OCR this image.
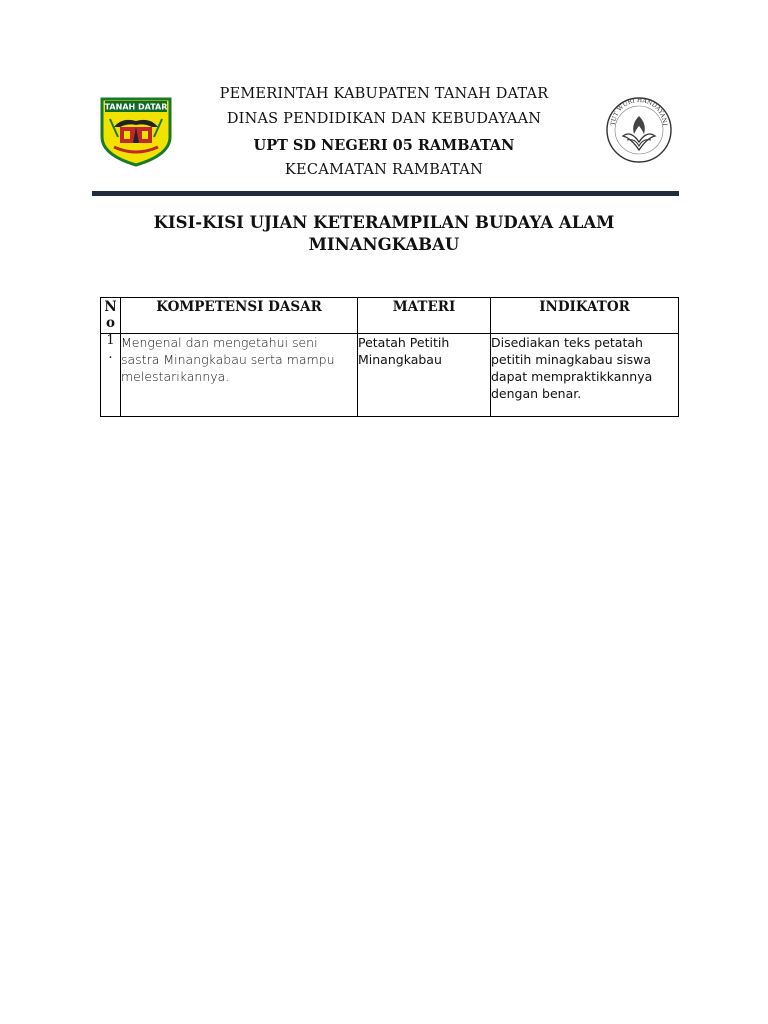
TANAH DATAR
TUT WURI HANDAYANI
PEMERINTAH KABUPATEN TANAH DATAR
DINAS PENDIDIKAN DAN KEBUDAYAAN
UPT SD NEGERI 05 RAMBATAN
KECAMATAN RAMBATAN
KISI-KISI UJIAN KETERAMPILAN BUDAYA ALAM
MINANGKABAU
N
o	KOMPETENSI DASAR	MATERI	INDIKATOR

1
.	Mengenal dan mengetahui seni sastra Minangkabau serta mampu melestarikannya.	Petatah Petitih Minangkabau	Disediakan teks petatah petitih minagkabau siswa dapat mempraktikkannya dengan benar.
